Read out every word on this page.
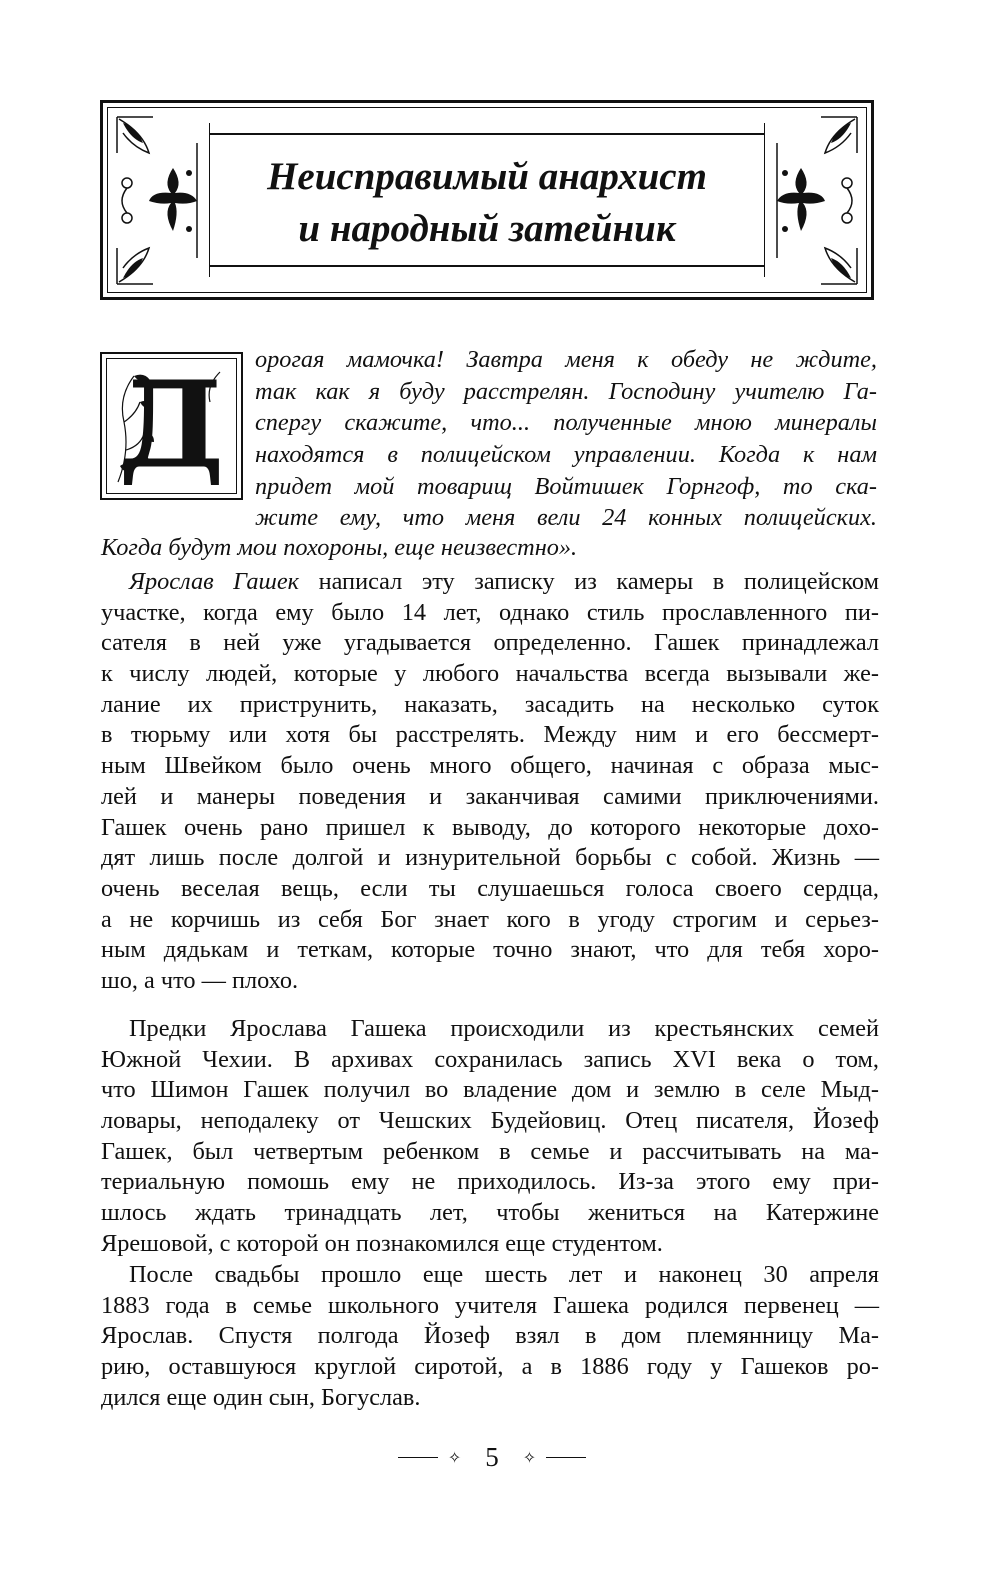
Неисправимый анархист
и народный затейник
Д	орогая мамочка! Завтра меня к обеду не ждите,
так как я буду расстрелян. Господину учителю Га-
спергу скажите, что... полученные мною минералы
находятся в полицейском управлении. Когда к нам
придет мой товарищ Войтишек Горнгоф, то ска-
жите ему, что меня вели 24 конных полицейских.
Когда будут мои похороны, еще неизвестно».
Ярослав Гашек написал эту записку из камеры в полицейском
участке, когда ему было 14 лет, однако стиль прославленного пи-
сателя в ней уже угадывается определенно. Гашек принадлежал
к числу людей, которые у любого начальства всегда вызывали же-
лание их приструнить, наказать, засадить на несколько суток
в тюрьму или хотя бы расстрелять. Между ним и его бессмерт-
ным Швейком было очень много общего, начиная с образа мыс-
лей и манеры поведения и заканчивая самими приключениями.
Гашек очень рано пришел к выводу, до которого некоторые дохо-
дят лишь после долгой и изнурительной борьбы с собой. Жизнь —
очень веселая вещь, если ты слушаешься голоса своего сердца,
а не корчишь из себя Бог знает кого в угоду строгим и серьез-
ным дядькам и теткам, которые точно знают, что для тебя хоро-
шо, а что — плохо.
Предки Ярослава Гашека происходили из крестьянских семей
Южной Чехии. В архивах сохранилась запись XVI века о том,
что Шимон Гашек получил во владение дом и землю в селе Мыд-
ловары, неподалеку от Чешских Будейовиц. Отец писателя, Йозеф
Гашек, был четвертым ребенком в семье и рассчитывать на ма-
териальную помошь ему не приходилось. Из-за этого ему при-
шлось ждать тринадцать лет, чтобы жениться на Катержине
Ярешовой, с которой он познакомился еще студентом.
После свадьбы прошло еще шесть лет и наконец 30 апреля
1883 года в семье школьного учителя Гашека родился первенец —
Ярослав. Спустя полгода Йозеф взял в дом племянницу Ма-
рию, оставшуюся круглой сиротой, а в 1886 году у Гашеков ро-
дился еще один сын, Богуслав.
✧ 5 ✧
